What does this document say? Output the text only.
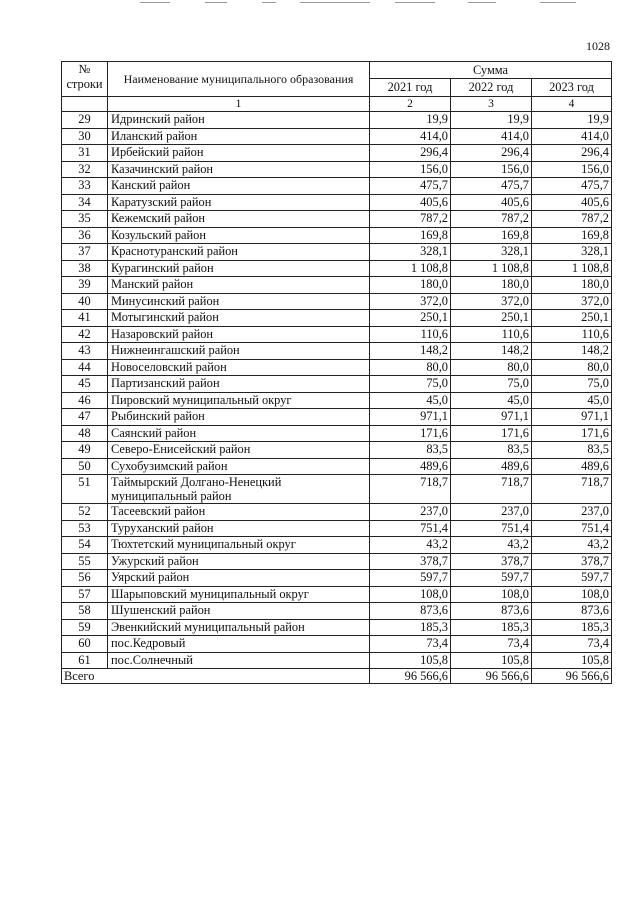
1028
№ строки	Наименование муниципального образования	Сумма		
		2021 год	2022 год	2023 год
	1	2	3	4
29	Идринский район	19,9	19,9	19,9
30	Иланский район	414,0	414,0	414,0
31	Ирбейский район	296,4	296,4	296,4
32	Казачинский район	156,0	156,0	156,0
33	Канский район	475,7	475,7	475,7
34	Каратузский район	405,6	405,6	405,6
35	Кежемский район	787,2	787,2	787,2
36	Козульский район	169,8	169,8	169,8
37	Краснотуранский район	328,1	328,1	328,1
38	Курагинский район	1 108,8	1 108,8	1 108,8
39	Манский район	180,0	180,0	180,0
40	Минусинский район	372,0	372,0	372,0
41	Мотыгинский район	250,1	250,1	250,1
42	Назаровский район	110,6	110,6	110,6
43	Нижнеингашский район	148,2	148,2	148,2
44	Новоселовский район	80,0	80,0	80,0
45	Партизанский район	75,0	75,0	75,0
46	Пировский муниципальный округ	45,0	45,0	45,0
47	Рыбинский район	971,1	971,1	971,1
48	Саянский район	171,6	171,6	171,6
49	Северо-Енисейский район	83,5	83,5	83,5
50	Сухобузимский район	489,6	489,6	489,6
51	Таймырский Долгано-Ненецкий муниципальный район	718,7	718,7	718,7
52	Тасеевский район	237,0	237,0	237,0
53	Туруханский район	751,4	751,4	751,4
54	Тюхтетский муниципальный округ	43,2	43,2	43,2
55	Ужурский район	378,7	378,7	378,7
56	Уярский район	597,7	597,7	597,7
57	Шарыповский муниципальный округ	108,0	108,0	108,0
58	Шушенский район	873,6	873,6	873,6
59	Эвенкийский муниципальный район	185,3	185,3	185,3
60	пос.Кедровый	73,4	73,4	73,4
61	пос.Солнечный	105,8	105,8	105,8
Всего		96 566,6	96 566,6	96 566,6
